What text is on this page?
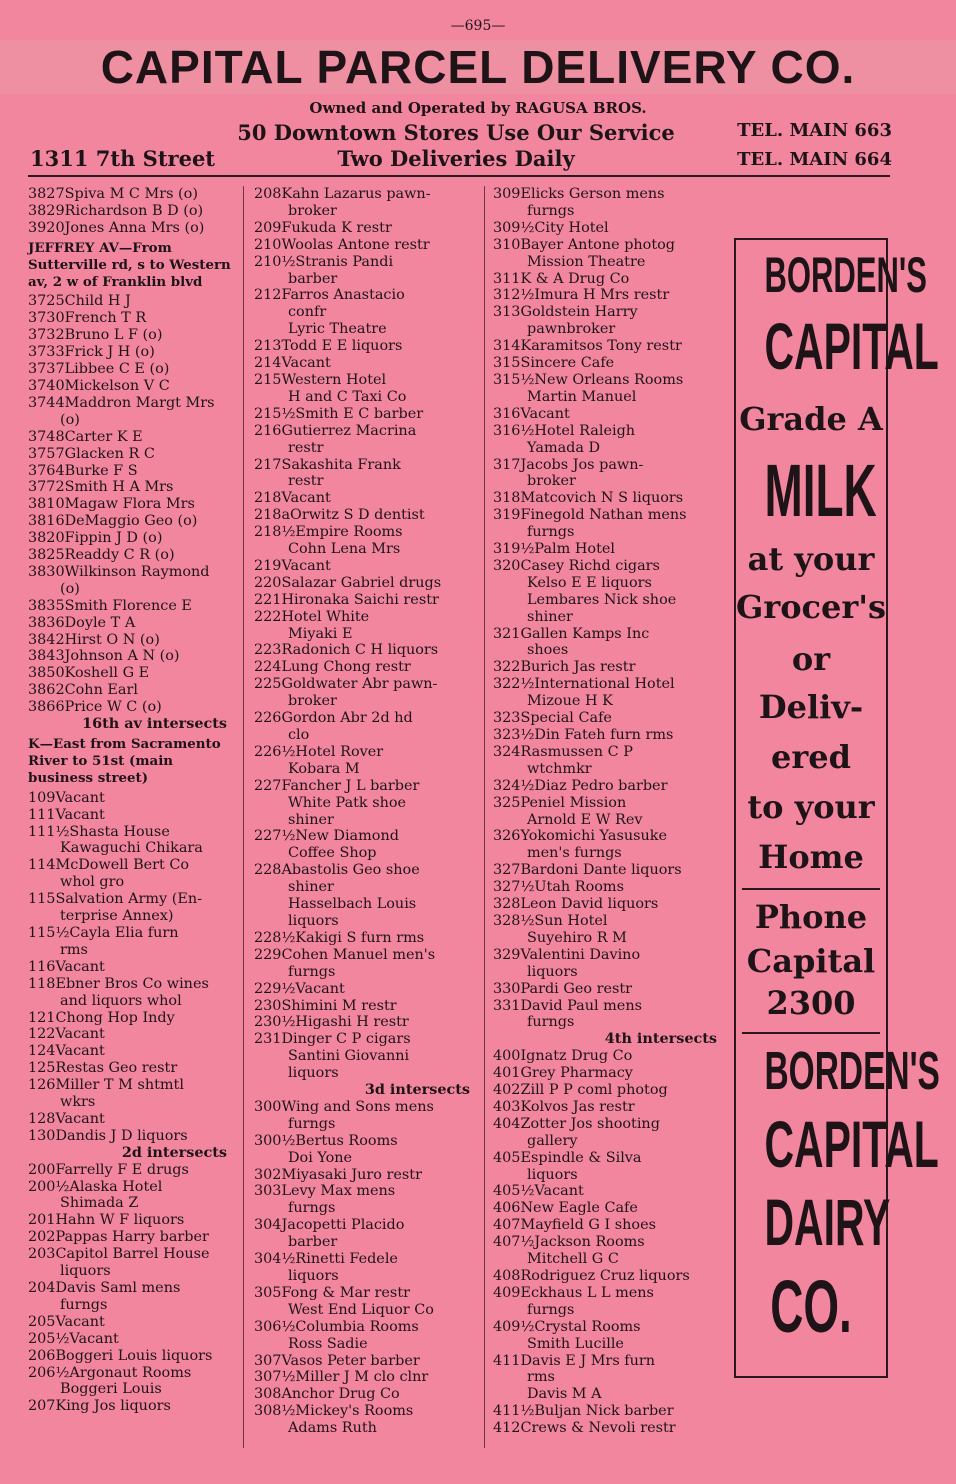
—695—
CAPITAL PARCEL DELIVERY CO.
Owned and Operated by RAGUSA BROS.
50 Downtown Stores Use Our Service
Two Deliveries Daily
1311 7th Street
TEL. MAIN 663
TEL. MAIN 664
3827Spiva M C Mrs (o)
3829Richardson B D (o)
3920Jones Anna Mrs (o)
JEFFREY AV—From Sutterville rd, s to Western av, 2 w of Franklin blvd
3725Child H J
3730French T R
3732Bruno L F (o)
3733Frick J H (o)
3737Libbee C E (o)
3740Mickelson V C
3744Maddron Margt Mrs
(o)
3748Carter K E
3757Glacken R C
3764Burke F S
3772Smith H A Mrs
3810Magaw Flora Mrs
3816DeMaggio Geo (o)
3820Fippin J D (o)
3825Readdy C R (o)
3830Wilkinson Raymond
(o)
3835Smith Florence E
3836Doyle T A
3842Hirst O N (o)
3843Johnson A N (o)
3850Koshell G E
3862Cohn Earl
3866Price W C (o)
16th av intersects
K—East from Sacramento River to 51st (main business street)
109Vacant
111Vacant
111½Shasta House
Kawaguchi Chikara
114McDowell Bert Co
whol gro
115Salvation Army (En-
terprise Annex)
115½Cayla Elia furn
rms
116Vacant
118Ebner Bros Co wines
and liquors whol
121Chong Hop Indy
122Vacant
124Vacant
125Restas Geo restr
126Miller T M shtmtl
wkrs
128Vacant
130Dandis J D liquors
2d intersects
200Farrelly F E drugs
200½Alaska Hotel
Shimada Z
201Hahn W F liquors
202Pappas Harry barber
203Capitol Barrel House
liquors
204Davis Saml mens
furngs
205Vacant
205½Vacant
206Boggeri Louis liquors
206½Argonaut Rooms
Boggeri Louis
207King Jos liquors
208Kahn Lazarus pawn-
broker
209Fukuda K restr
210Woolas Antone restr
210½Stranis Pandi
barber
212Farros Anastacio
confr
Lyric Theatre
213Todd E E liquors
214Vacant
215Western Hotel
H and C Taxi Co
215½Smith E C barber
216Gutierrez Macrina
restr
217Sakashita Frank
restr
218Vacant
218aOrwitz S D dentist
218½Empire Rooms
Cohn Lena Mrs
219Vacant
220Salazar Gabriel drugs
221Hironaka Saichi restr
222Hotel White
Miyaki E
223Radonich C H liquors
224Lung Chong restr
225Goldwater Abr pawn-
broker
226Gordon Abr 2d hd
clo
226½Hotel Rover
Kobara M
227Fancher J L barber
White Patk shoe
shiner
227½New Diamond
Coffee Shop
228Abastolis Geo shoe
shiner
Hasselbach Louis
liquors
228½Kakigi S furn rms
229Cohen Manuel men's
furngs
229½Vacant
230Shimini M restr
230½Higashi H restr
231Dinger C P cigars
Santini Giovanni
liquors
3d intersects
300Wing and Sons mens
furngs
300½Bertus Rooms
Doi Yone
302Miyasaki Juro restr
303Levy Max mens
furngs
304Jacopetti Placido
barber
304½Rinetti Fedele
liquors
305Fong & Mar restr
West End Liquor Co
306½Columbia Rooms
Ross Sadie
307Vasos Peter barber
307½Miller J M clo clnr
308Anchor Drug Co
308½Mickey's Rooms
Adams Ruth
309Elicks Gerson mens
furngs
309½City Hotel
310Bayer Antone photog
Mission Theatre
311K & A Drug Co
312½Imura H Mrs restr
313Goldstein Harry
pawnbroker
314Karamitsos Tony restr
315Sincere Cafe
315½New Orleans Rooms
Martin Manuel
316Vacant
316½Hotel Raleigh
Yamada D
317Jacobs Jos pawn-
broker
318Matcovich N S liquors
319Finegold Nathan mens
furngs
319½Palm Hotel
320Casey Richd cigars
Kelso E E liquors
Lembares Nick shoe
shiner
321Gallen Kamps Inc
shoes
322Burich Jas restr
322½International Hotel
Mizoue H K
323Special Cafe
323½Din Fateh furn rms
324Rasmussen C P
wtchmkr
324½Diaz Pedro barber
325Peniel Mission
Arnold E W Rev
326Yokomichi Yasusuke
men's furngs
327Bardoni Dante liquors
327½Utah Rooms
328Leon David liquors
328½Sun Hotel
Suyehiro R M
329Valentini Davino
liquors
330Pardi Geo restr
331David Paul mens
furngs
4th intersects
400Ignatz Drug Co
401Grey Pharmacy
402Zill P P coml photog
403Kolvos Jas restr
404Zotter Jos shooting
gallery
405Espindle & Silva
liquors
405½Vacant
406New Eagle Cafe
407Mayfield G I shoes
407½Jackson Rooms
Mitchell G C
408Rodriguez Cruz liquors
409Eckhaus L L mens
furngs
409½Crystal Rooms
Smith Lucille
411Davis E J Mrs furn
rms
Davis M A
411½Buljan Nick barber
412Crews & Nevoli restr
BORDEN'S
CAPITAL
Grade A
MILK
at your
Grocer's
or
Deliv-
ered
to your
Home
Phone
Capital
2300
BORDEN'S
CAPITAL
DAIRY
CO.
